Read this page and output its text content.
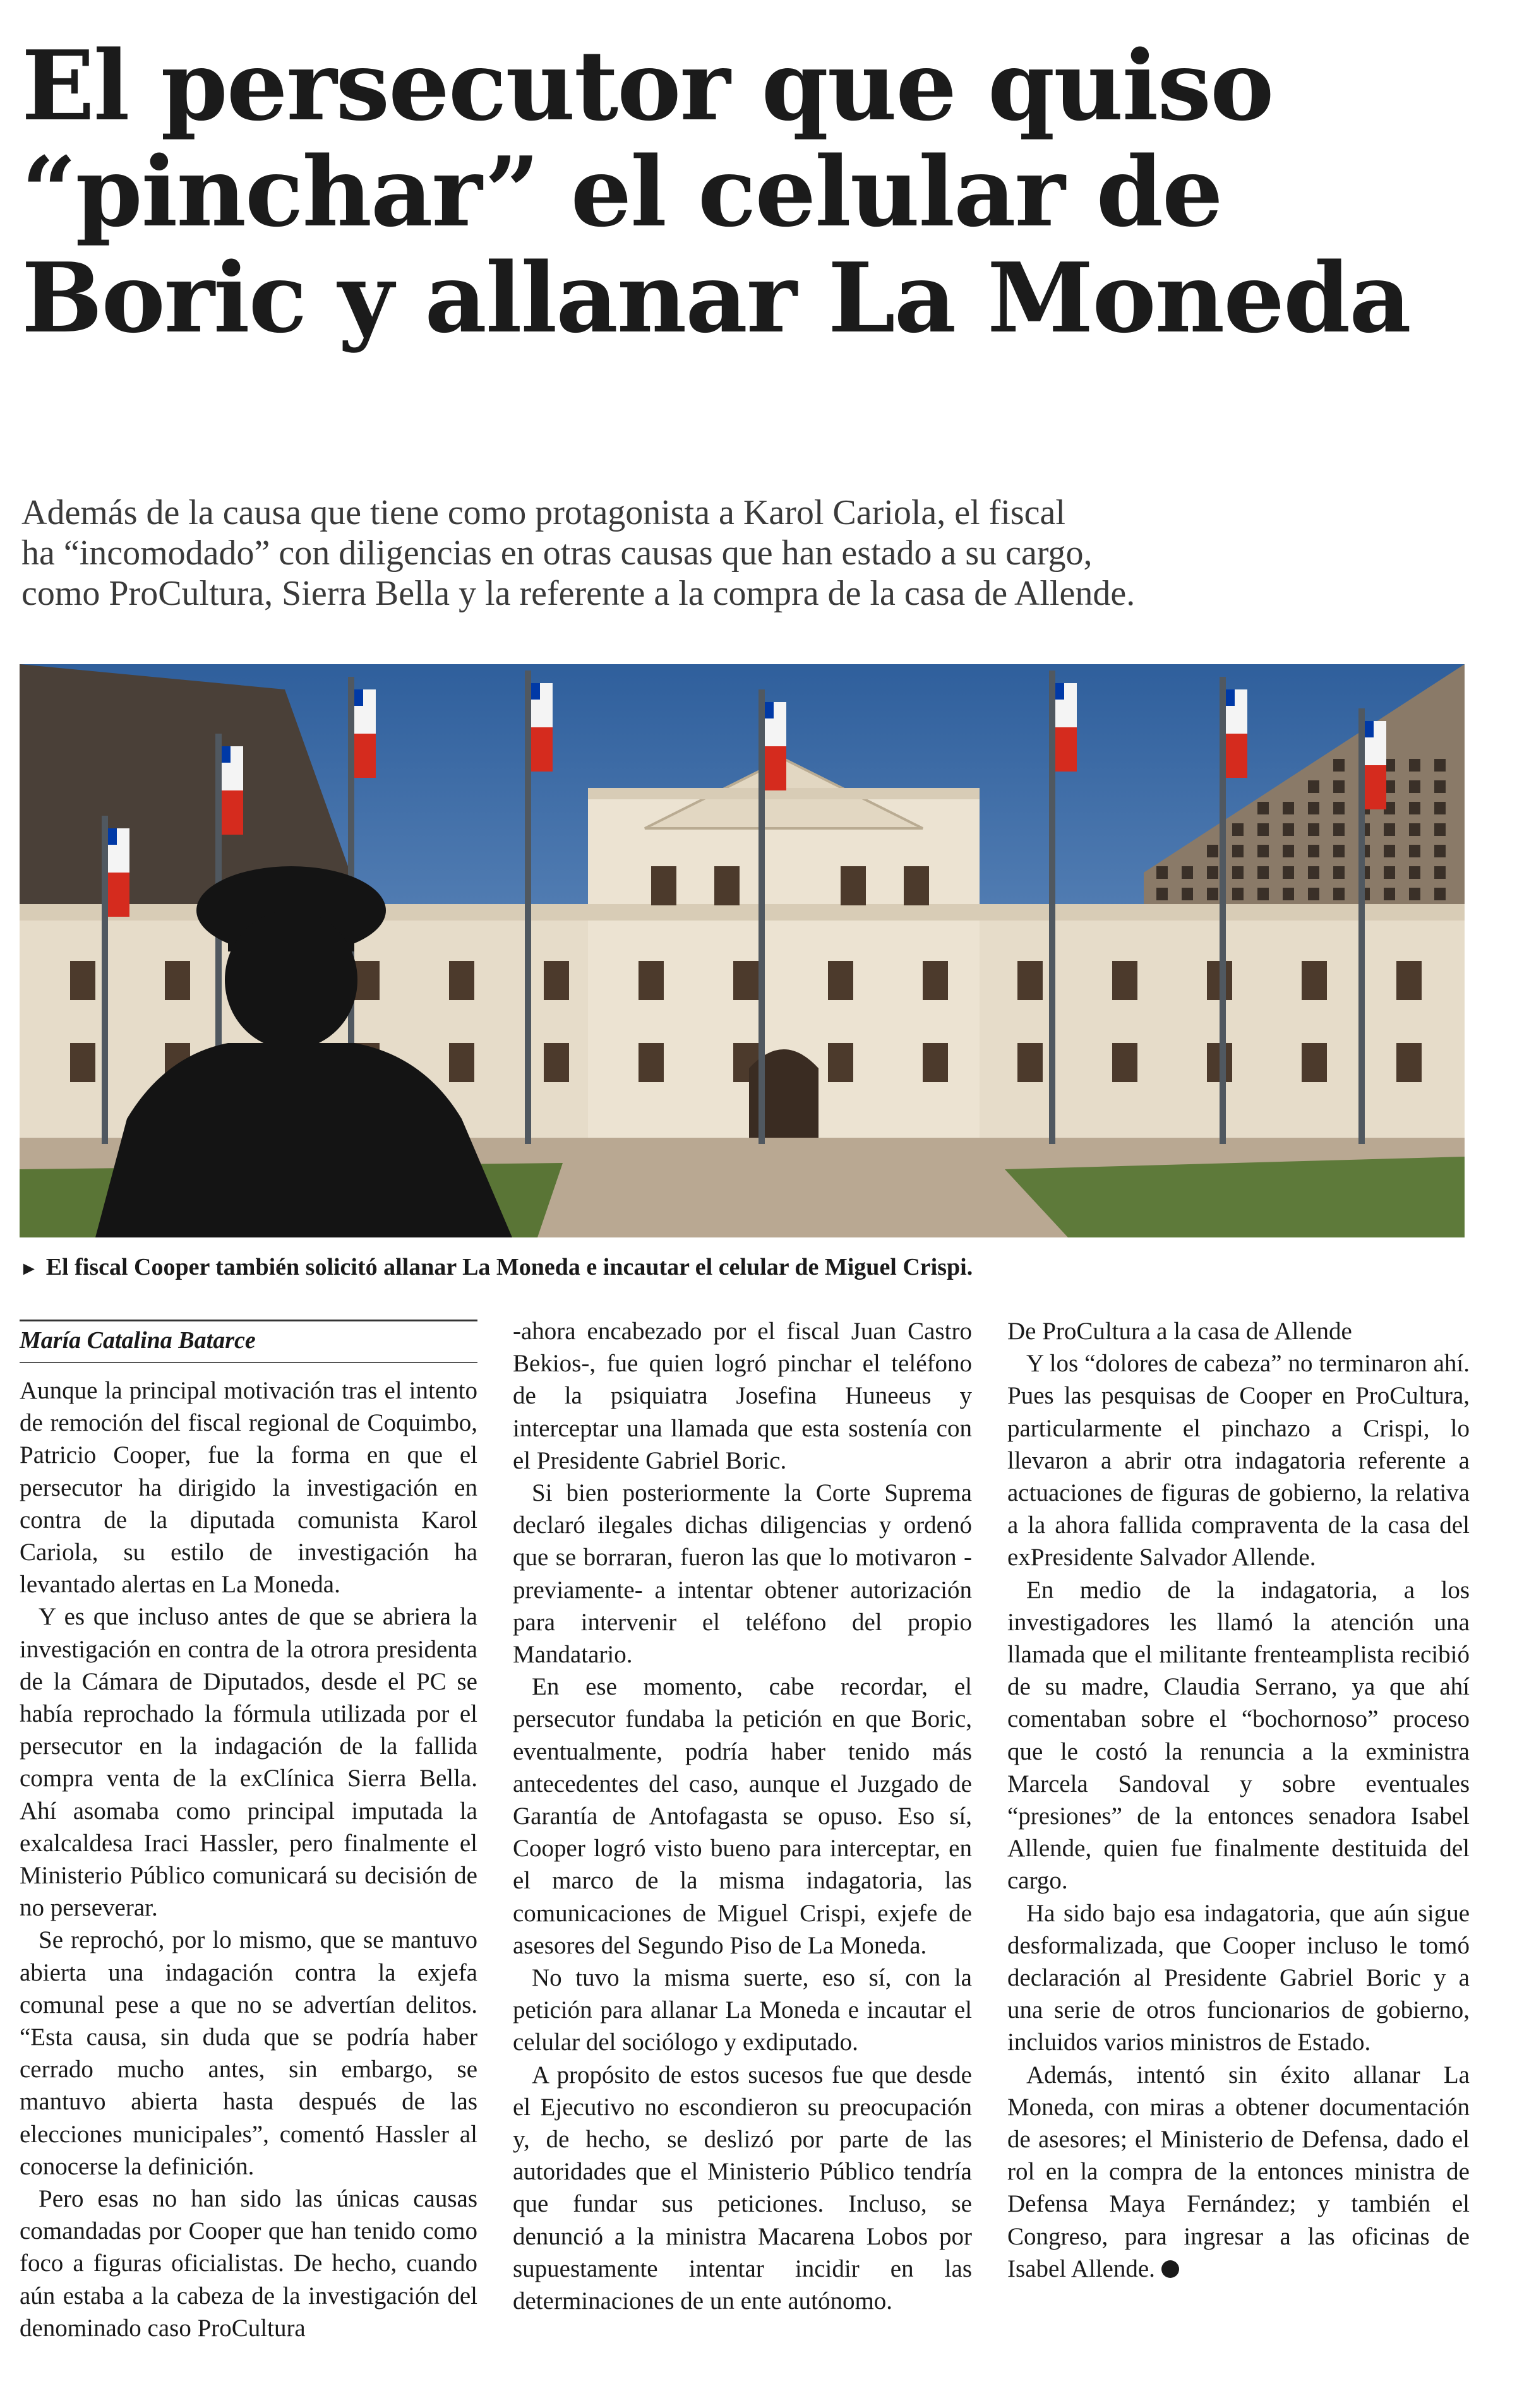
El persecutor que quiso
“pinchar” el celular de
Boric y allanar La Moneda
Además de la causa que tiene como protagonista a Karol Cariola, el fiscal
ha “incomodado” con diligencias en otras causas que han estado a su cargo,
como ProCultura, Sierra Bella y la referente a la compra de la casa de Allende.

► El fiscal Cooper también solicitó allanar La Moneda e incautar el celular de Miguel Crispi.

María Catalina Batarce

Aunque la principal motivación tras el intento de remoción del fiscal regional de Coquimbo, Patricio Cooper, fue la forma en que el persecutor ha dirigido la investigación en contra de la diputada comunista Karol Cariola, su estilo de investigación ha levantado alertas en La Moneda.

Y es que incluso antes de que se abriera la investigación en contra de la otrora presidenta de la Cámara de Diputados, desde el PC se había reprochado la fórmula utilizada por el persecutor en la indagación de la fallida compra venta de la exClínica Sierra Bella. Ahí asomaba como principal imputada la exalcaldesa Iraci Hassler, pero finalmente el Ministerio Público comunicará su decisión de no perseverar.

Se reprochó, por lo mismo, que se mantuvo abierta una indagación contra la exjefa comunal pese a que no se advertían delitos. “Esta causa, sin duda que se podría haber cerrado mucho antes, sin embargo, se mantuvo abierta hasta después de las elecciones municipales”, comentó Hassler al conocerse la definición.

Pero esas no han sido las únicas causas comandadas por Cooper que han tenido como foco a figuras oficialistas. De hecho, cuando aún estaba a la cabeza de la investigación del denominado caso ProCultura

-ahora encabezado por el fiscal Juan Castro Bekios-, fue quien logró pinchar el teléfono de la psiquiatra Josefina Huneeus y interceptar una llamada que esta sostenía con el Presidente Gabriel Boric.

Si bien posteriormente la Corte Suprema declaró ilegales dichas diligencias y ordenó que se borraran, fueron las que lo motivaron -previamente- a intentar obtener autorización para intervenir el teléfono del propio Mandatario.

En ese momento, cabe recordar, el persecutor fundaba la petición en que Boric, eventualmente, podría haber tenido más antecedentes del caso, aunque el Juzgado de Garantía de Antofagasta se opuso. Eso sí, Cooper logró visto bueno para interceptar, en el marco de la misma indagatoria, las comunicaciones de Miguel Crispi, exjefe de asesores del Segundo Piso de La Moneda.

No tuvo la misma suerte, eso sí, con la petición para allanar La Moneda e incautar el celular del sociólogo y exdiputado.

A propósito de estos sucesos fue que desde el Ejecutivo no escondieron su preocupación y, de hecho, se deslizó por parte de las autoridades que el Ministerio Público tendría que fundar sus peticiones. Incluso, se denunció a la ministra Macarena Lobos por supuestamente intentar incidir en las determinaciones de un ente autónomo.

De ProCultura a la casa de Allende

Y los “dolores de cabeza” no terminaron ahí. Pues las pesquisas de Cooper en ProCultura, particularmente el pinchazo a Crispi, lo llevaron a abrir otra indagatoria referente a actuaciones de figuras de gobierno, la relativa a la ahora fallida compraventa de la casa del exPresidente Salvador Allende.

En medio de la indagatoria, a los investigadores les llamó la atención una llamada que el militante frenteamplista recibió de su madre, Claudia Serrano, ya que ahí comentaban sobre el “bochornoso” proceso que le costó la renuncia a la exministra Marcela Sandoval y sobre eventuales “presiones” de la entonces senadora Isabel Allende, quien fue finalmente destituida del cargo.

Ha sido bajo esa indagatoria, que aún sigue desformalizada, que Cooper incluso le tomó declaración al Presidente Gabriel Boric y a una serie de otros funcionarios de gobierno, incluidos varios ministros de Estado.

Además, intentó sin éxito allanar La Moneda, con miras a obtener documentación de asesores; el Ministerio de Defensa, dado el rol en la compra de la entonces ministra de Defensa Maya Fernández; y también el Congreso, para ingresar a las oficinas de Isabel Allende.
